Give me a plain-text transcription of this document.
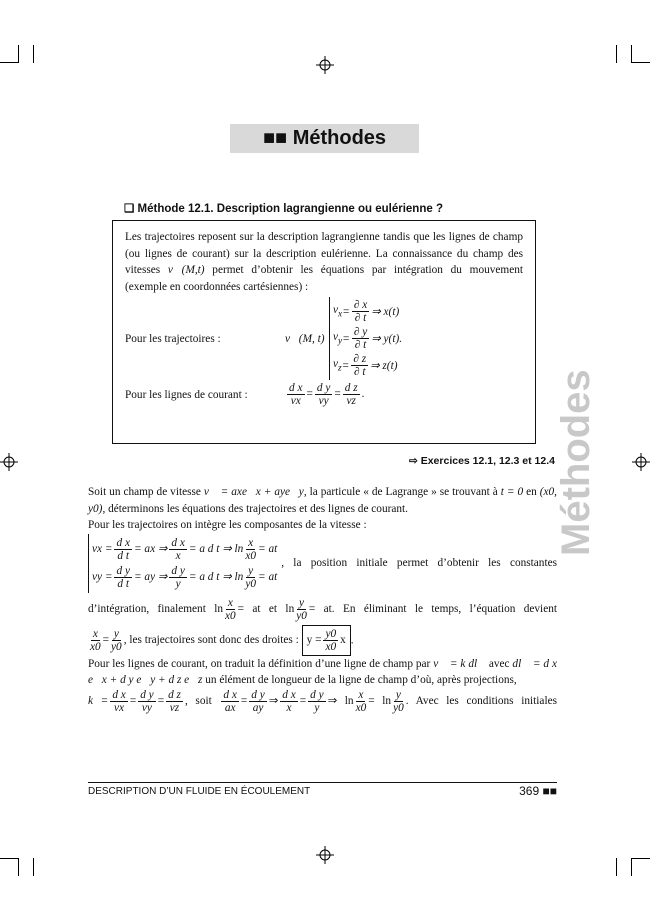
■■ Méthodes
❑ Méthode 12.1. Description lagrangienne ou eulérienne ?
Les trajectoires reposent sur la description lagrangienne tandis que les lignes de champ (ou lignes de courant) sur la description eulérienne. La connaissance du champ des vitesses v⃗(M,t) permet d’obtenir les équations par intégration du mouvement (exemple en coordonnées cartésiennes) :
Pour les trajectoires :	v⃗(M, t)
$v_x = \frac{\partial x}{\partial t}$ ⇒ x(t)
$v_y = \frac{\partial y}{\partial t}$ ⇒ y(t).
$v_z = \frac{\partial z}{\partial t}$ ⇒ z(t)
Pour les lignes de courant :	$\frac{\text{d x}}{vx} = \frac{\text{d y}}{vy} = \frac{\text{d z}}{vz}$ .
⇨ Exercices 12.1, 12.3 et 12.4
Soit un champ de vitesse v⃗ = axe⃗x + aye⃗y, la particule « de Lagrange » se trouvant à t = 0 en (x0, y0), déterminons les équations des trajectoires et des lignes de courant.
Pour les trajectoires on intègre les composantes de la vitesse :
vx = $\frac{\text{d x}}{\text{d t}}$ = ax ⇒ $\frac{\text{d x}}{x} = a$ d t ⇒ $\ln \frac{x}{x0}$ = at
vy = $\frac{\text{d y}}{\text{d t}}$ = ay ⇒ $\frac{\text{d y}}{y} = a$ d t ⇒ $\ln \frac{y}{y0}$ = at
, la position initiale permet d’obtenir les constantes
d’intégration, finalement $\ln \frac{x}{x0}$ = at et $\ln \frac{y}{y0}$ = at. En éliminant le temps, l’équation devient
$\frac{x}{x0} = \frac{y}{y0}$ , les trajectoires sont donc des droites : $y = \frac{y0}{x0}$ x .
Pour les lignes de courant, on traduit la définition d’une ligne de champ par v⃗ = k dl⃗ avec dl⃗ = d x e⃗x + d y e⃗y + d z e⃗z un élément de longueur de la ligne de champ d’où, après projections,
$k = \frac{\text{d x}}{vx} = \frac{\text{d y}}{vy} = \frac{\text{d z}}{vz}$ , soit $\frac{\text{d x}}{ax} = \frac{\text{d y}}{ay}$ ⇒ $\frac{\text{d x}}{x} = \frac{\text{d y}}{y}$ ⇒ $\ln \frac{x}{x0} = \ln \frac{y}{y0}$ . Avec les conditions initiales
DESCRIPTION D’UN FLUIDE EN ÉCOULEMENT	369 ■■
Méthodes
